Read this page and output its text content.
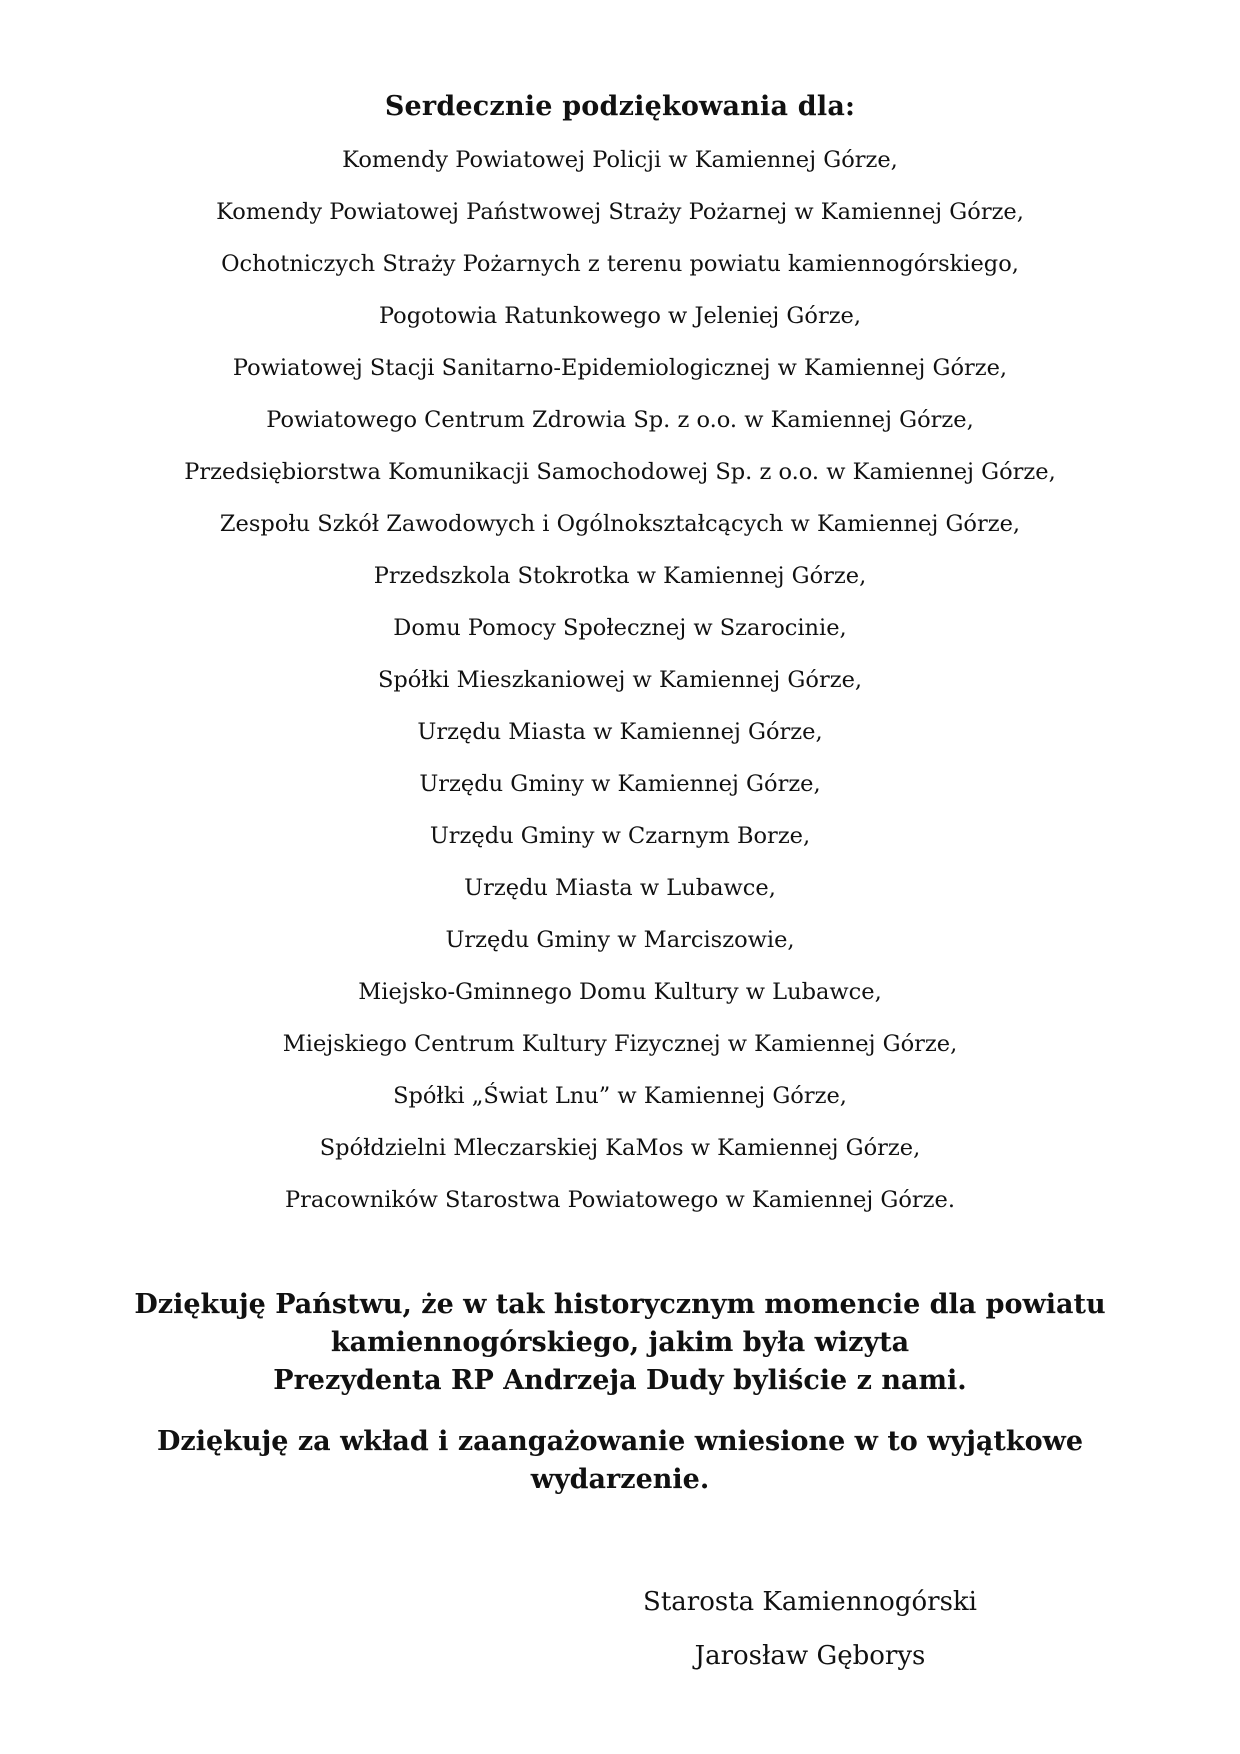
Serdecznie podziękowania dla:
Komendy Powiatowej Policji w Kamiennej Górze,
Komendy Powiatowej Państwowej Straży Pożarnej w Kamiennej Górze,
Ochotniczych Straży Pożarnych z terenu powiatu kamiennogórskiego,
Pogotowia Ratunkowego w Jeleniej Górze,
Powiatowej Stacji Sanitarno-Epidemiologicznej w Kamiennej Górze,
Powiatowego Centrum Zdrowia Sp. z o.o. w Kamiennej Górze,
Przedsiębiorstwa Komunikacji Samochodowej Sp. z o.o. w Kamiennej Górze,
Zespołu Szkół Zawodowych i Ogólnokształcących w Kamiennej Górze,
Przedszkola Stokrotka w Kamiennej Górze,
Domu Pomocy Społecznej w Szarocinie,
Spółki Mieszkaniowej w Kamiennej Górze,
Urzędu Miasta w Kamiennej Górze,
Urzędu Gminy w Kamiennej Górze,
Urzędu Gminy w Czarnym Borze,
Urzędu Miasta w Lubawce,
Urzędu Gminy w Marciszowie,
Miejsko-Gminnego Domu Kultury w Lubawce,
Miejskiego Centrum Kultury Fizycznej w Kamiennej Górze,
Spółki „Świat Lnu” w Kamiennej Górze,
Spółdzielni Mleczarskiej KaMos w Kamiennej Górze,
Pracowników Starostwa Powiatowego w Kamiennej Górze.
Dziękuję Państwu, że w tak historycznym momencie dla powiatu
kamiennogórskiego, jakim była wizyta
Prezydenta RP Andrzeja Dudy byliście z nami.
Dziękuję za wkład i zaangażowanie wniesione w to wyjątkowe
wydarzenie.
Starosta Kamiennogórski
Jarosław Gęborys
